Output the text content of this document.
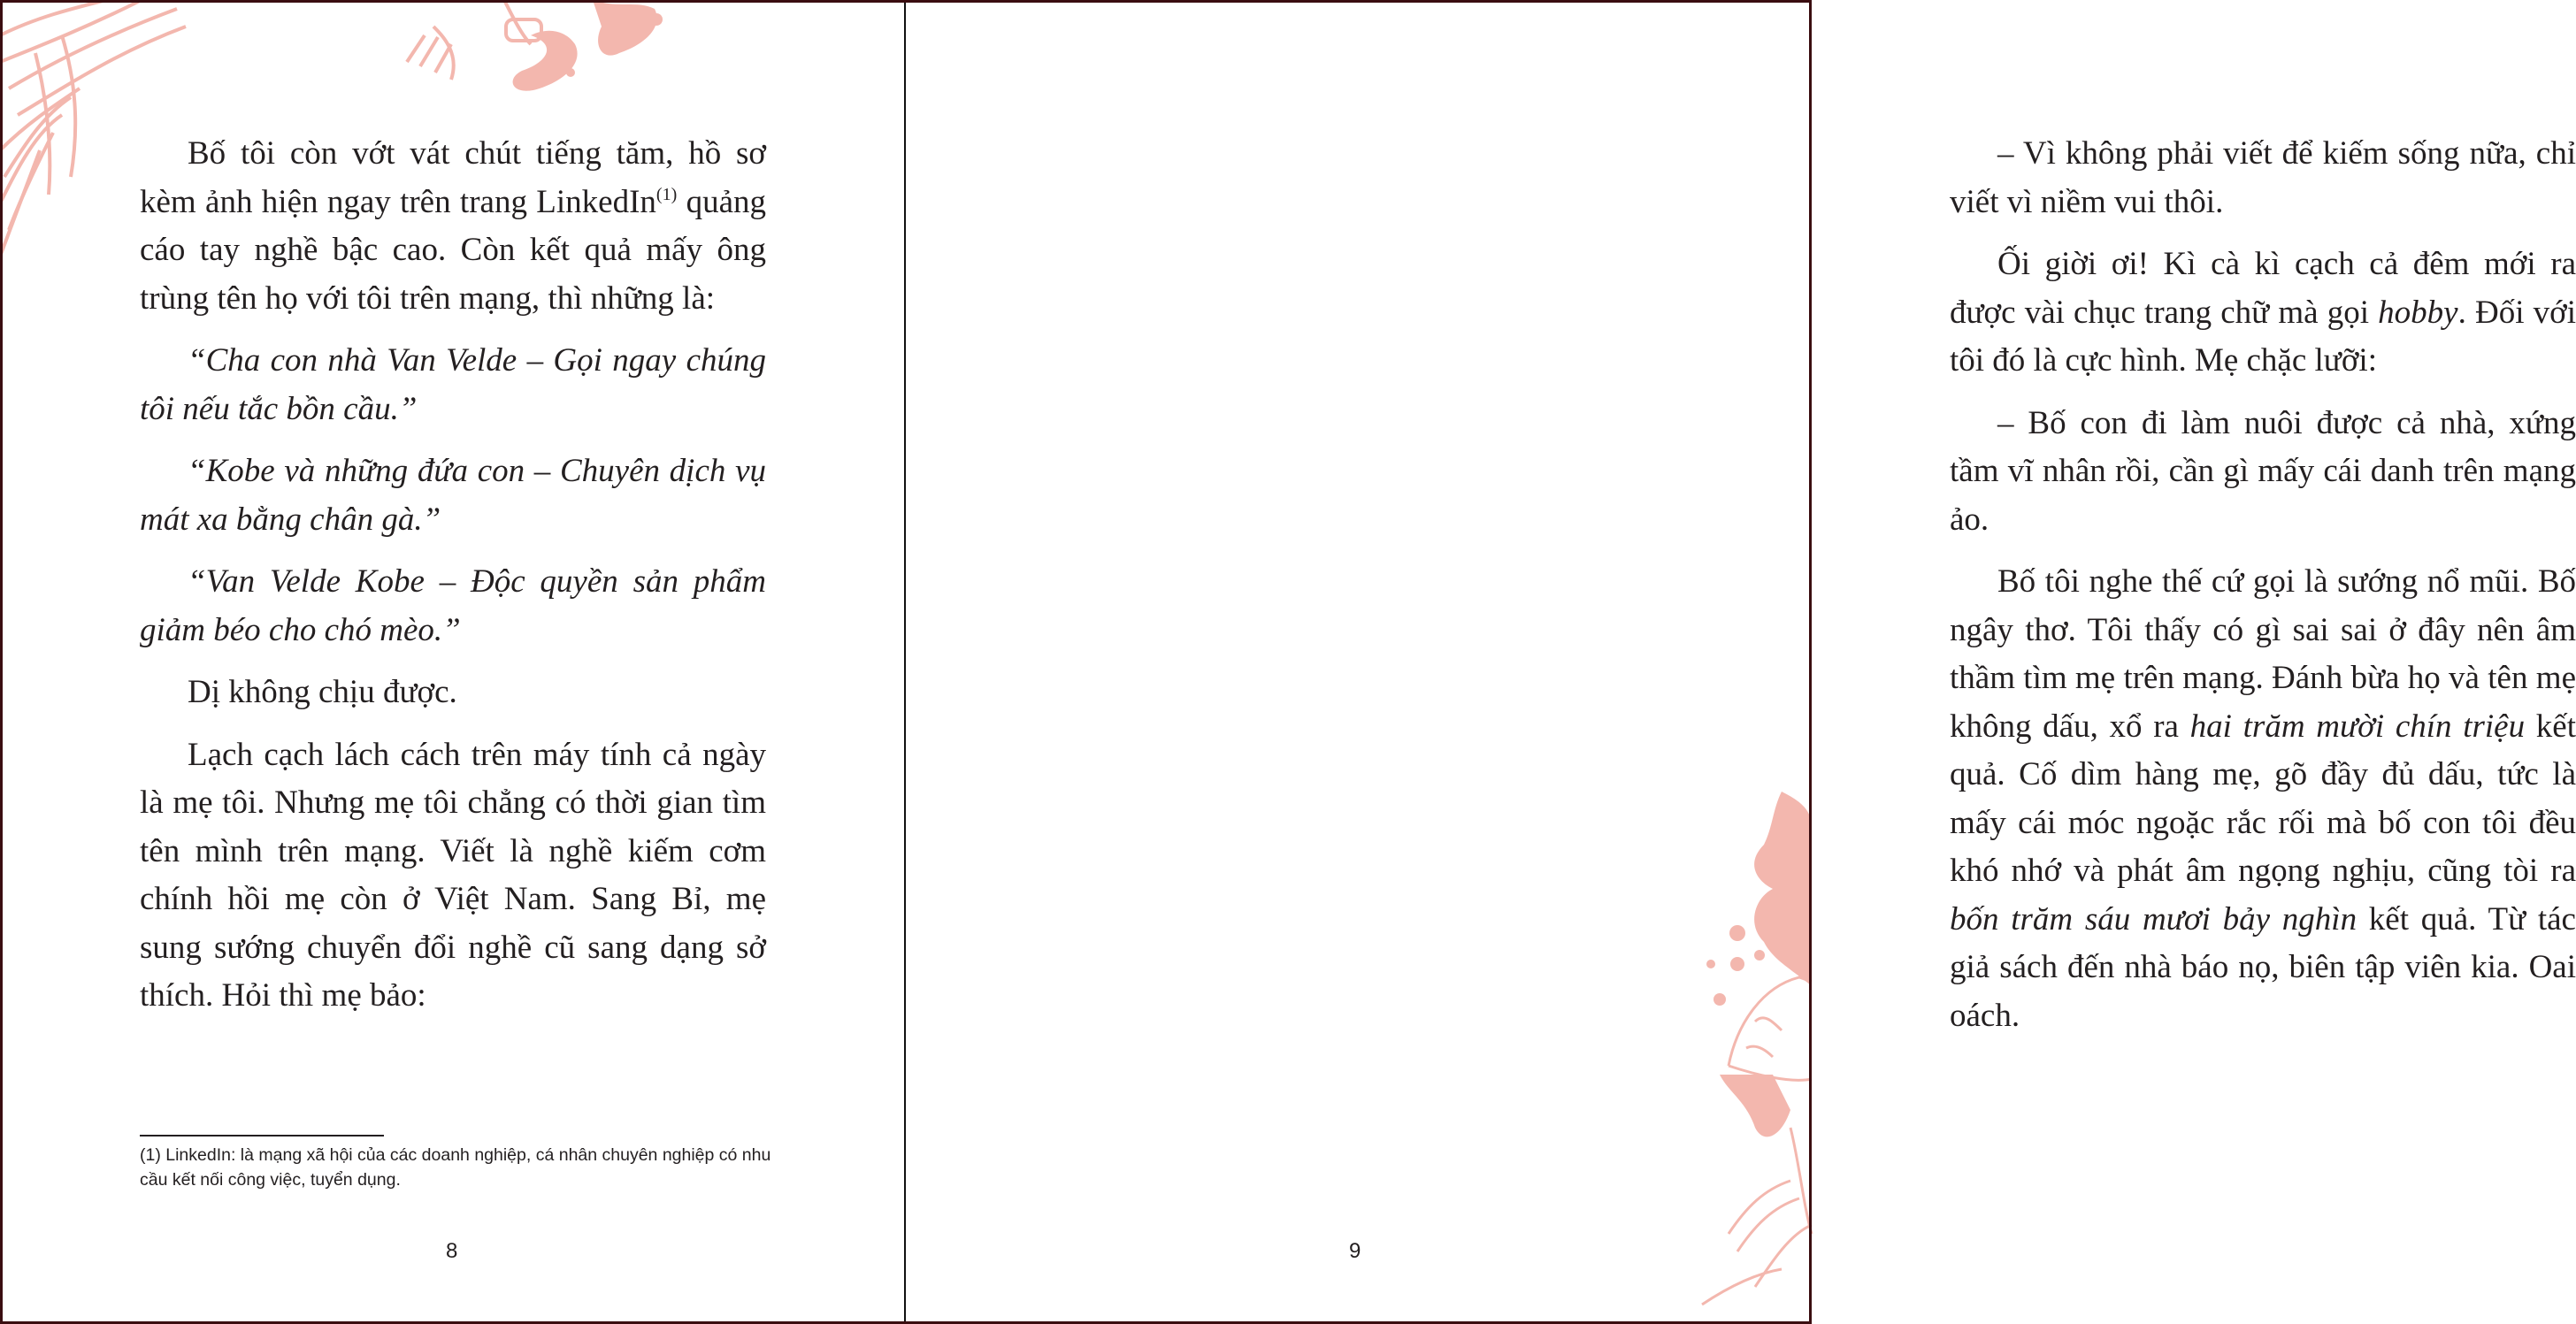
Bố tôi còn vớt vát chút tiếng tăm, hồ sơ kèm ảnh hiện ngay trên trang LinkedIn$^{(1)}$ quảng cáo tay nghề bậc cao. Còn kết quả mấy ông trùng tên họ với tôi trên mạng, thì những là:

“Cha con nhà Van Velde – Gọi ngay chúng tôi nếu tắc bồn cầu.”

“Kobe và những đứa con – Chuyên dịch vụ mát xa bằng chân gà.”

“Van Velde Kobe – Độc quyền sản phẩm giảm béo cho chó mèo.”

Dị không chịu được.

Lạch cạch lách cách trên máy tính cả ngày là mẹ tôi. Nhưng mẹ tôi chẳng có thời gian tìm tên mình trên mạng. Viết là nghề kiếm cơm chính hồi mẹ còn ở Việt Nam. Sang Bỉ, mẹ sung sướng chuyển đổi nghề cũ sang dạng sở thích. Hỏi thì mẹ bảo:

(1) LinkedIn: là mạng xã hội của các doanh nghiệp, cá nhân chuyên nghiệp có nhu cầu kết nối công việc, tuyển dụng.
8

– Vì không phải viết để kiếm sống nữa, chỉ viết vì niềm vui thôi.

Ối giời ơi! Kì cà kì cạch cả đêm mới ra được vài chục trang chữ mà gọi hobby. Đối với tôi đó là cực hình. Mẹ chặc lưỡi:

– Bố con đi làm nuôi được cả nhà, xứng tầm vĩ nhân rồi, cần gì mấy cái danh trên mạng ảo.

Bố tôi nghe thế cứ gọi là sướng nổ mũi. Bố ngây thơ. Tôi thấy có gì sai sai ở đây nên âm thầm tìm mẹ trên mạng. Đánh bừa họ và tên mẹ không dấu, xổ ra hai trăm mười chín triệu kết quả. Cố dìm hàng mẹ, gõ đầy đủ dấu, tức là mấy cái móc ngoặc rắc rối mà bố con tôi đều khó nhớ và phát âm ngọng nghịu, cũng tòi ra bốn trăm sáu mươi bảy nghìn kết quả. Từ tác giả sách đến nhà báo nọ, biên tập viên kia. Oai oách.

9
